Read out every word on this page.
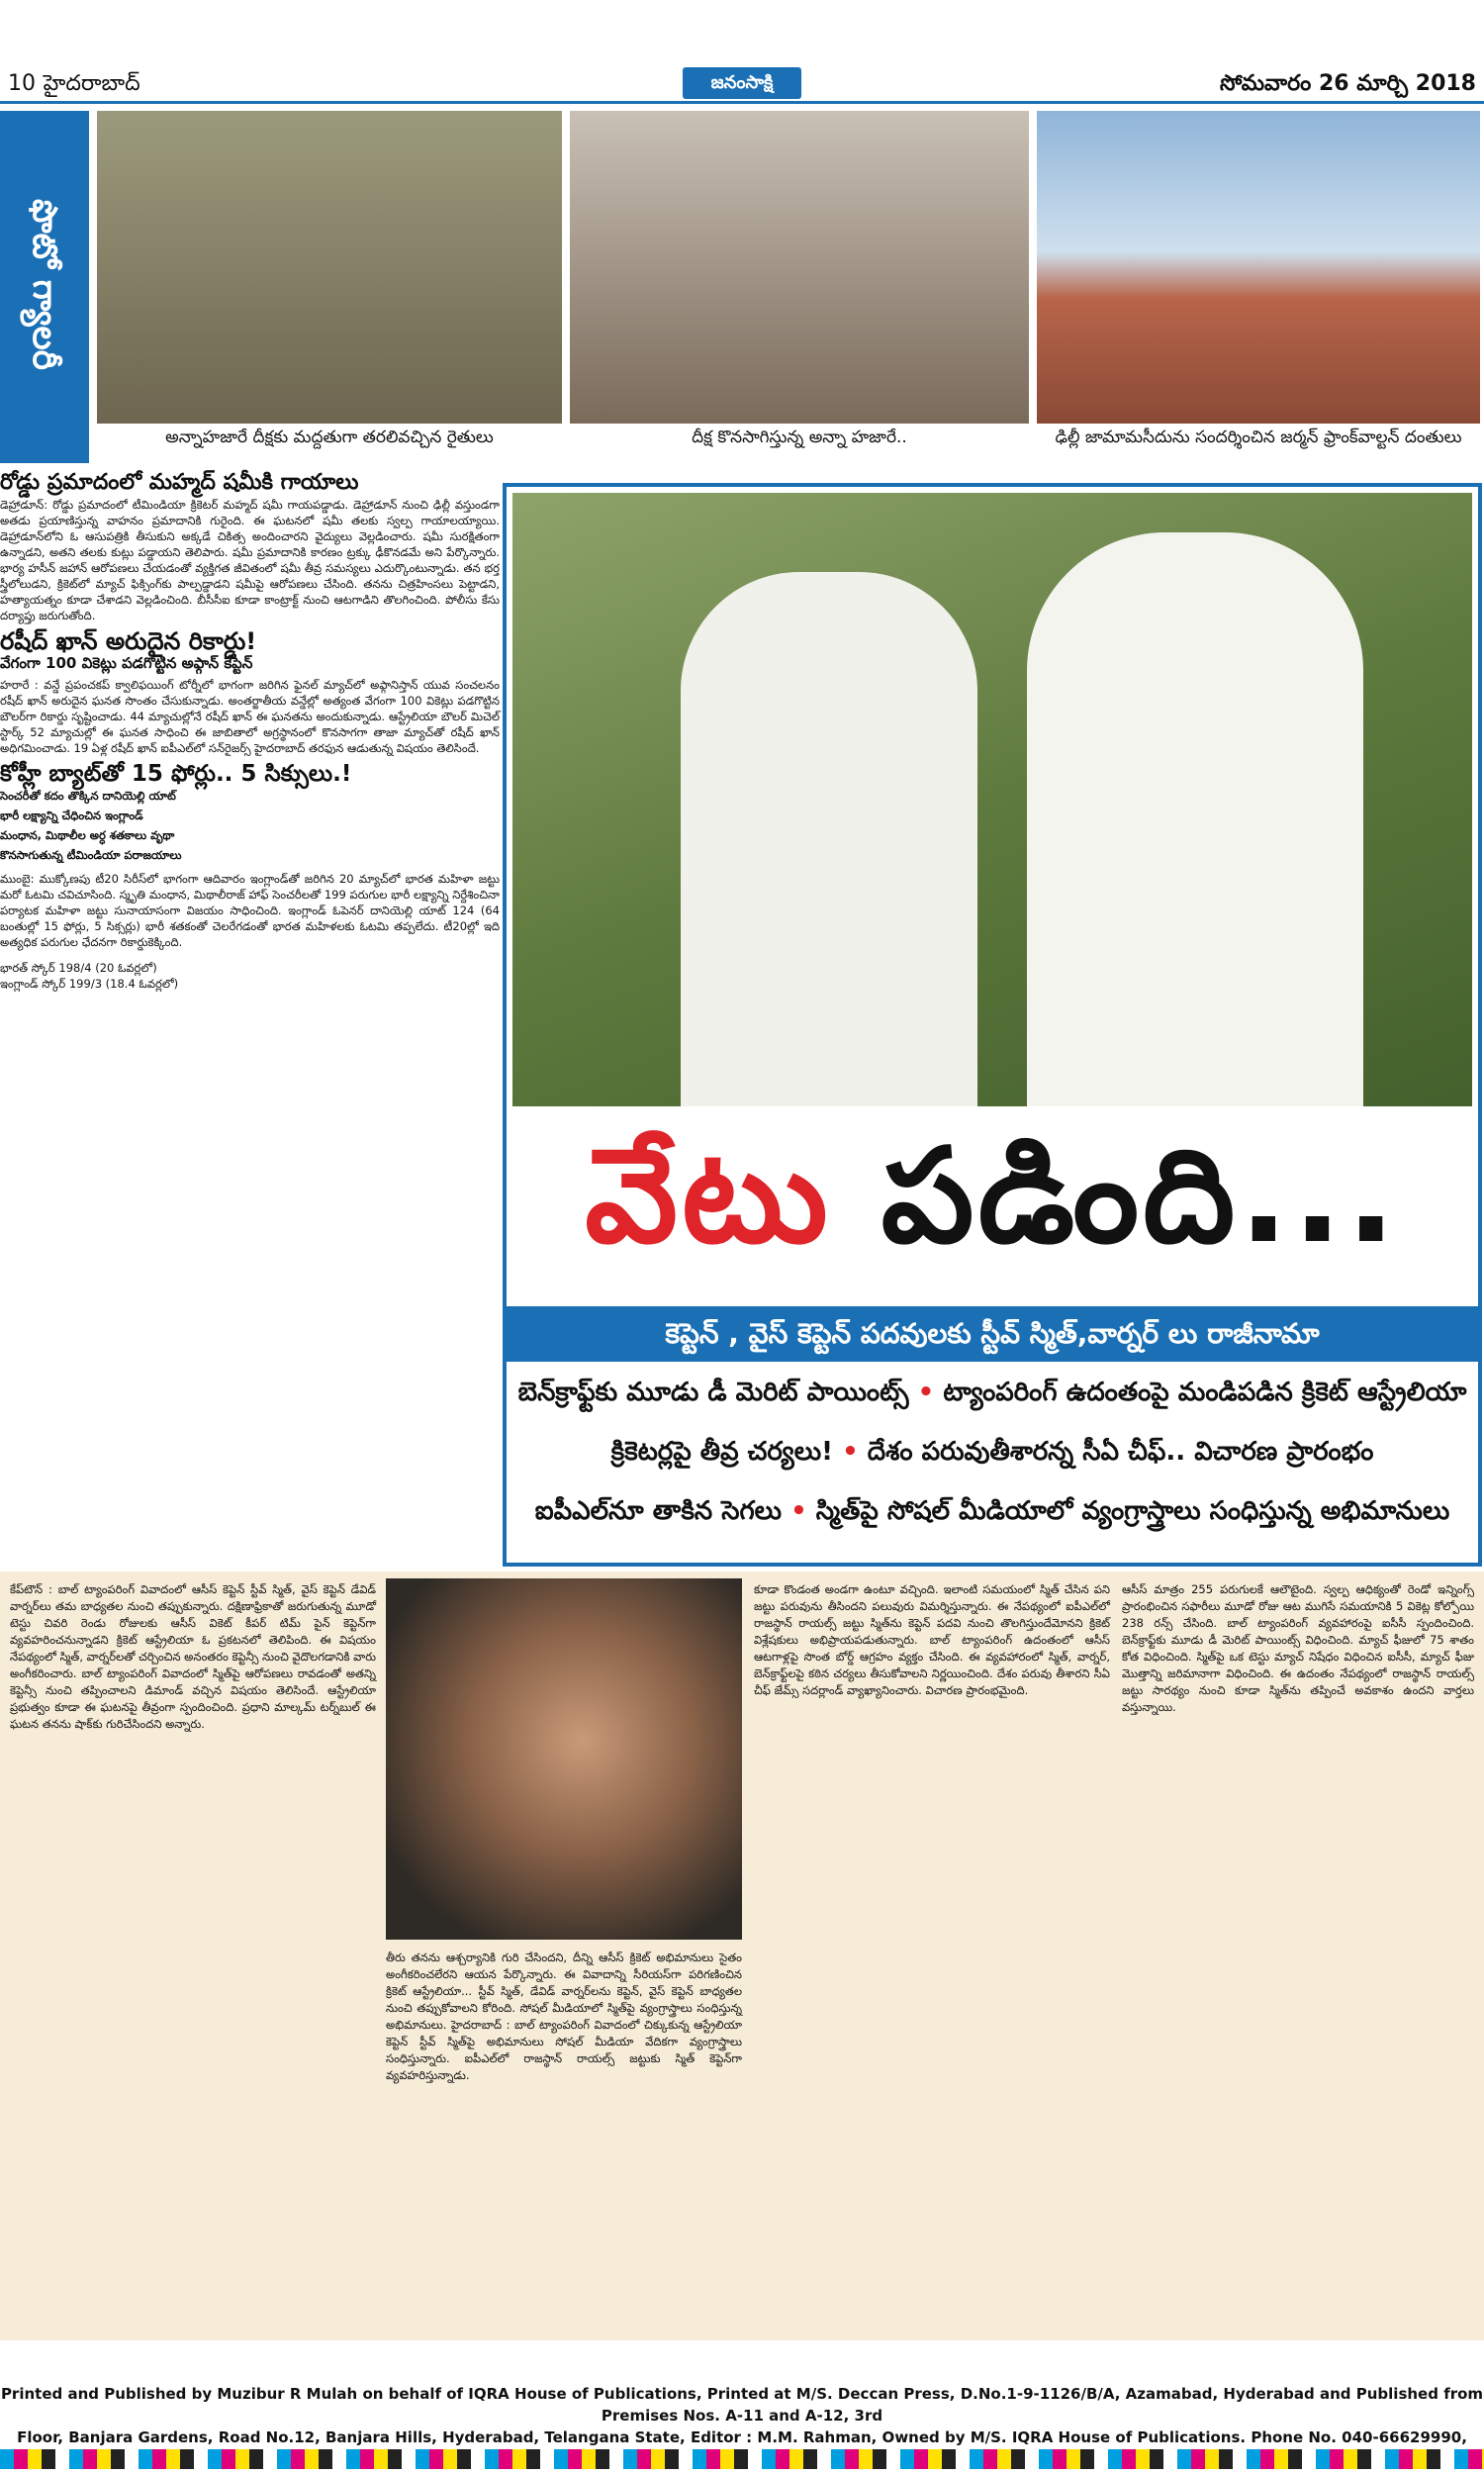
10 హైదరాబాద్	జనంసాక్షి	సోమవారం 26 మార్చి 2018
ఫొటో గ్యాలరీ
అన్నాహజారే దీక్షకు మద్దతుగా తరలివచ్చిన రైతులు	దీక్ష కొనసాగిస్తున్న అన్నా హజారే..	ఢిల్లీ జామామసీదును సందర్శించిన జర్మన్ ఫ్రాంక్‌వాల్టన్ దంతులు
రోడ్డు ప్రమాదంలో మహ్మద్ షమీకి గాయాలు

డెహ్రాడూన్: రోడ్డు ప్రమాదంలో టీమిండియా క్రికెటర్ మహ్మద్ షమీ గాయపడ్డాడు. డెహ్రాడూన్ నుంచి ఢిల్లీ వస్తుండగా అతడు ప్రయాణిస్తున్న వాహనం ప్రమాదానికి గురైంది. ఈ ఘటనలో షమీ తలకు స్వల్ప గాయాలయ్యాయి. డెహ్రాడూన్‌లోని ఓ ఆసుపత్రికి తీసుకుని అక్కడే చికిత్స అందించారని వైద్యులు వెల్లడించారు. షమీ సురక్షితంగా ఉన్నాడని, అతని తలకు కుట్లు పడ్డాయని తెలిపారు. షమీ ప్రమాదానికి కారణం ట్రక్కు ఢీకొనడమే అని పేర్కొన్నారు. భార్య హసీన్ జహాన్ ఆరోపణలు చేయడంతో వ్యక్తిగత జీవితంలో షమీ తీవ్ర సమస్యలు ఎదుర్కొంటున్నాడు. తన భర్త స్త్రీలోలుడని, క్రికెట్‌లో మ్యాచ్ ఫిక్సింగ్‌కు పాల్పడ్డాడని షమీపై ఆరోపణలు చేసింది. తనను చిత్రహింసలు పెట్టాడని, హత్యాయత్నం కూడా చేశాడని వెల్లడించింది. బీసీసీఐ కూడా కాంట్రాక్ట్ నుంచి ఆటగాడిని తొలగించింది. పోలీసు కేసు దర్యాప్తు జరుగుతోంది.

రషీద్ ఖాన్ అరుదైన రికార్డు!
వేగంగా 100 వికెట్లు పడగొట్టిన అఫ్గాన్ కెప్టెన్

హరారే : వన్డే ప్రపంచకప్ క్వాలిఫయింగ్ టోర్నీలో భాగంగా జరిగిన ఫైనల్ మ్యాచ్‌లో అఫ్గానిస్తాన్ యువ సంచలనం రషీద్ ఖాన్ అరుదైన ఘనత సొంతం చేసుకున్నాడు. అంతర్జాతీయ వన్డేల్లో అత్యంత వేగంగా 100 వికెట్లు పడగొట్టిన బౌలర్‌గా రికార్డు సృష్టించాడు. 44 మ్యాచుల్లోనే రషీద్ ఖాన్ ఈ ఘనతను అందుకున్నాడు. ఆస్ట్రేలియా బౌలర్ మిచెల్ స్టార్క్ 52 మ్యాచుల్లో ఈ ఘనత సాధించి ఈ జాబితాలో అగ్రస్థానంలో కొనసాగగా తాజా మ్యాచ్‌తో రషీద్ ఖాన్ అధిగమించాడు. 19 ఏళ్ల రషీద్ ఖాన్ ఐపీఎల్‌లో సన్‌రైజర్స్ హైదరాబాద్ తరఫున ఆడుతున్న విషయం తెలిసిందే.

కోహ్లీ బ్యాట్‌తో 15 ఫోర్లు.. 5 సిక్సులు.!
సెంచరీతో కదం తొక్కిన దానియెల్లి యాట్
భారీ లక్ష్యాన్ని చేధించిన ఇంగ్లాండ్
మంధాన, మిథాలీల అర్ధ శతకాలు వృథా
కొనసాగుతున్న టీమిండియా పరాజయాలు

ముంబై: ముక్కోణపు టీ20 సిరీస్‌లో భాగంగా ఆదివారం ఇంగ్లాండ్‌తో జరిగిన 20 మ్యాచ్‌లో భారత మహిళా జట్టు మరో ఓటమి చవిచూసింది. స్మృతి మంధాన, మిథాలీరాజ్ హాఫ్ సెంచరీలతో 199 పరుగుల భారీ లక్ష్యాన్ని నిర్దేశించినా పర్యాటక మహిళా జట్టు సునాయాసంగా విజయం సాధించింది. ఇంగ్లాండ్ ఓపెనర్ దానియెల్లి యాట్ 124 (64 బంతుల్లో 15 ఫోర్లు, 5 సిక్సర్లు) భారీ శతకంతో చెలరేగడంతో భారత మహిళలకు ఓటమి తప్పలేదు. టీ20ల్లో ఇది అత్యధిక పరుగుల ఛేదనగా రికార్డుకెక్కింది.

భారత్ స్కోర్ 198/4 (20 ఓవర్లలో)
ఇంగ్లాండ్ స్కోర్ 199/3 (18.4 ఓవర్లలో)
వేటు పడింది...
కెప్టెన్ , వైస్ కెప్టెన్ పదవులకు స్టీవ్ స్మిత్,వార్నర్ లు రాజీనామా
బెన్‌క్రాఫ్ట్‌కు మూడు డీ మెరిట్ పాయింట్స్ • ట్యాంపరింగ్ ఉదంతంపై మండిపడిన క్రికెట్ ఆస్ట్రేలియా
క్రికెటర్లపై తీవ్ర చర్యలు! • దేశం పరువుతీశారన్న సీఏ చీఫ్.. విచారణ ప్రారంభం
ఐపీఎల్‌నూ తాకిన సెగలు • స్మిత్‌పై సోషల్ మీడియాలో వ్యంగ్రాస్త్రాలు సంధిస్తున్న అభిమానులు
కేప్‌టౌన్ : బాల్ ట్యాంపరింగ్ వివాదంలో ఆసీస్ కెప్టెన్ స్టీవ్ స్మిత్, వైస్ కెప్టెన్ డేవిడ్ వార్నర్‌లు తమ బాధ్యతల నుంచి తప్పుకున్నారు. దక్షిణాఫ్రికాతో జరుగుతున్న మూడో టెస్టు చివరి రెండు రోజులకు ఆసీస్ వికెట్ కీపర్ టిమ్ పైన్ కెప్టెన్‌గా వ్యవహరించనున్నాడని క్రికెట్ ఆస్ట్రేలియా ఓ ప్రకటనలో తెలిపింది. ఈ విషయం నేపథ్యంలో స్మిత్, వార్నర్‌లతో చర్చించిన అనంతరం కెప్టెన్సీ నుంచి వైదొలగడానికి వారు అంగీకరించారు. బాల్ ట్యాంపరింగ్ వివాదంలో స్మిత్‌పై ఆరోపణలు రావడంతో అతన్ని కెప్టెన్సీ నుంచి తప్పించాలని డిమాండ్ వచ్చిన విషయం తెలిసిందే. ఆస్ట్రేలియా ప్రభుత్వం కూడా ఈ ఘటనపై తీవ్రంగా స్పందించింది. ప్రధాని మాల్కమ్ టర్న్‌బుల్ ఈ ఘటన తనను షాక్‌కు గురిచేసిందని అన్నారు.
తీరు తనను ఆశ్చర్యానికి గురి చేసిందని, దీన్ని ఆసీస్ క్రికెట్ అభిమానులు సైతం అంగీకరించలేరని ఆయన పేర్కొన్నారు. ఈ వివాదాన్ని సీరియస్‌గా పరిగణించిన క్రికెట్ ఆస్ట్రేలియా... స్టీవ్ స్మిత్, డేవిడ్ వార్నర్‌లను కెప్టెన్, వైస్ కెప్టెన్ బాధ్యతల నుంచి తప్పుకోవాలని కోరింది. సోషల్ మీడియాలో స్మిత్‌పై వ్యంగ్రాస్త్రాలు సంధిస్తున్న అభిమానులు. హైదరాబాద్ : బాల్ ట్యాంపరింగ్ వివాదంలో చిక్కుకున్న ఆస్ట్రేలియా కెప్టెన్ స్టీవ్ స్మిత్‌పై అభిమానులు సోషల్ మీడియా వేదికగా వ్యంగ్రాస్త్రాలు సంధిస్తున్నారు. ఐపీఎల్‌లో రాజస్థాన్ రాయల్స్ జట్టుకు స్మిత్ కెప్టెన్‌గా వ్యవహరిస్తున్నాడు.
కూడా కొండంత అండగా ఉంటూ వచ్చింది. ఇలాంటి సమయంలో స్మిత్ చేసిన పని జట్టు పరువును తీసిందని పలువురు విమర్శిస్తున్నారు. ఈ నేపథ్యంలో ఐపీఎల్‌లో రాజస్థాన్ రాయల్స్ జట్టు స్మిత్‌ను కెప్టెన్ పదవి నుంచి తొలగిస్తుందేమోనని క్రికెట్ విశ్లేషకులు అభిప్రాయపడుతున్నారు. బాల్ ట్యాంపరింగ్ ఉదంతంలో ఆసీస్ ఆటగాళ్లపై సొంత బోర్డ్ ఆగ్రహం వ్యక్తం చేసింది. ఈ వ్యవహారంలో స్మిత్, వార్నర్, బెన్‌క్రాఫ్ట్‌లపై కఠిన చర్యలు తీసుకోవాలని నిర్ణయించింది. దేశం పరువు తీశారని సీఏ చీఫ్ జేమ్స్ సదర్లాండ్ వ్యాఖ్యానించారు. విచారణ ప్రారంభమైంది.
ఆసీస్ మాత్రం 255 పరుగులకే ఆలౌటైంది. స్వల్ప ఆధిక్యంతో రెండో ఇన్నింగ్స్ ప్రారంభించిన సఫారీలు మూడో రోజు ఆట ముగిసే సమయానికి 5 వికెట్ల కోల్పోయి 238 రన్స్ చేసింది. బాల్ ట్యాంపరింగ్ వ్యవహారంపై ఐసీసీ స్పందించింది. బెన్‌క్రాఫ్ట్‌కు మూడు డీ మెరిట్ పాయింట్స్ విధించింది. మ్యాచ్ ఫీజులో 75 శాతం కోత విధించింది. స్మిత్‌పై ఒక టెస్టు మ్యాచ్ నిషేధం విధించిన ఐసీసీ, మ్యాచ్ ఫీజు మొత్తాన్ని జరిమానాగా విధించింది. ఈ ఉదంతం నేపథ్యంలో రాజస్థాన్ రాయల్స్ జట్టు సారథ్యం నుంచి కూడా స్మిత్‌ను తప్పించే అవకాశం ఉందని వార్తలు వస్తున్నాయి.
Printed and Published by Muzibur R Mulah on behalf of IQRA House of Publications, Printed at M/S. Deccan Press, D.No.1-9-1126/B/A, Azamabad, Hyderabad and Published from Premises Nos. A-11 and A-12, 3rd
Floor, Banjara Gardens, Road No.12, Banjara Hills, Hyderabad, Telangana State, Editor : M.M. Rahman, Owned by M/S. IQRA House of Publications. Phone No. 040-66629990,
